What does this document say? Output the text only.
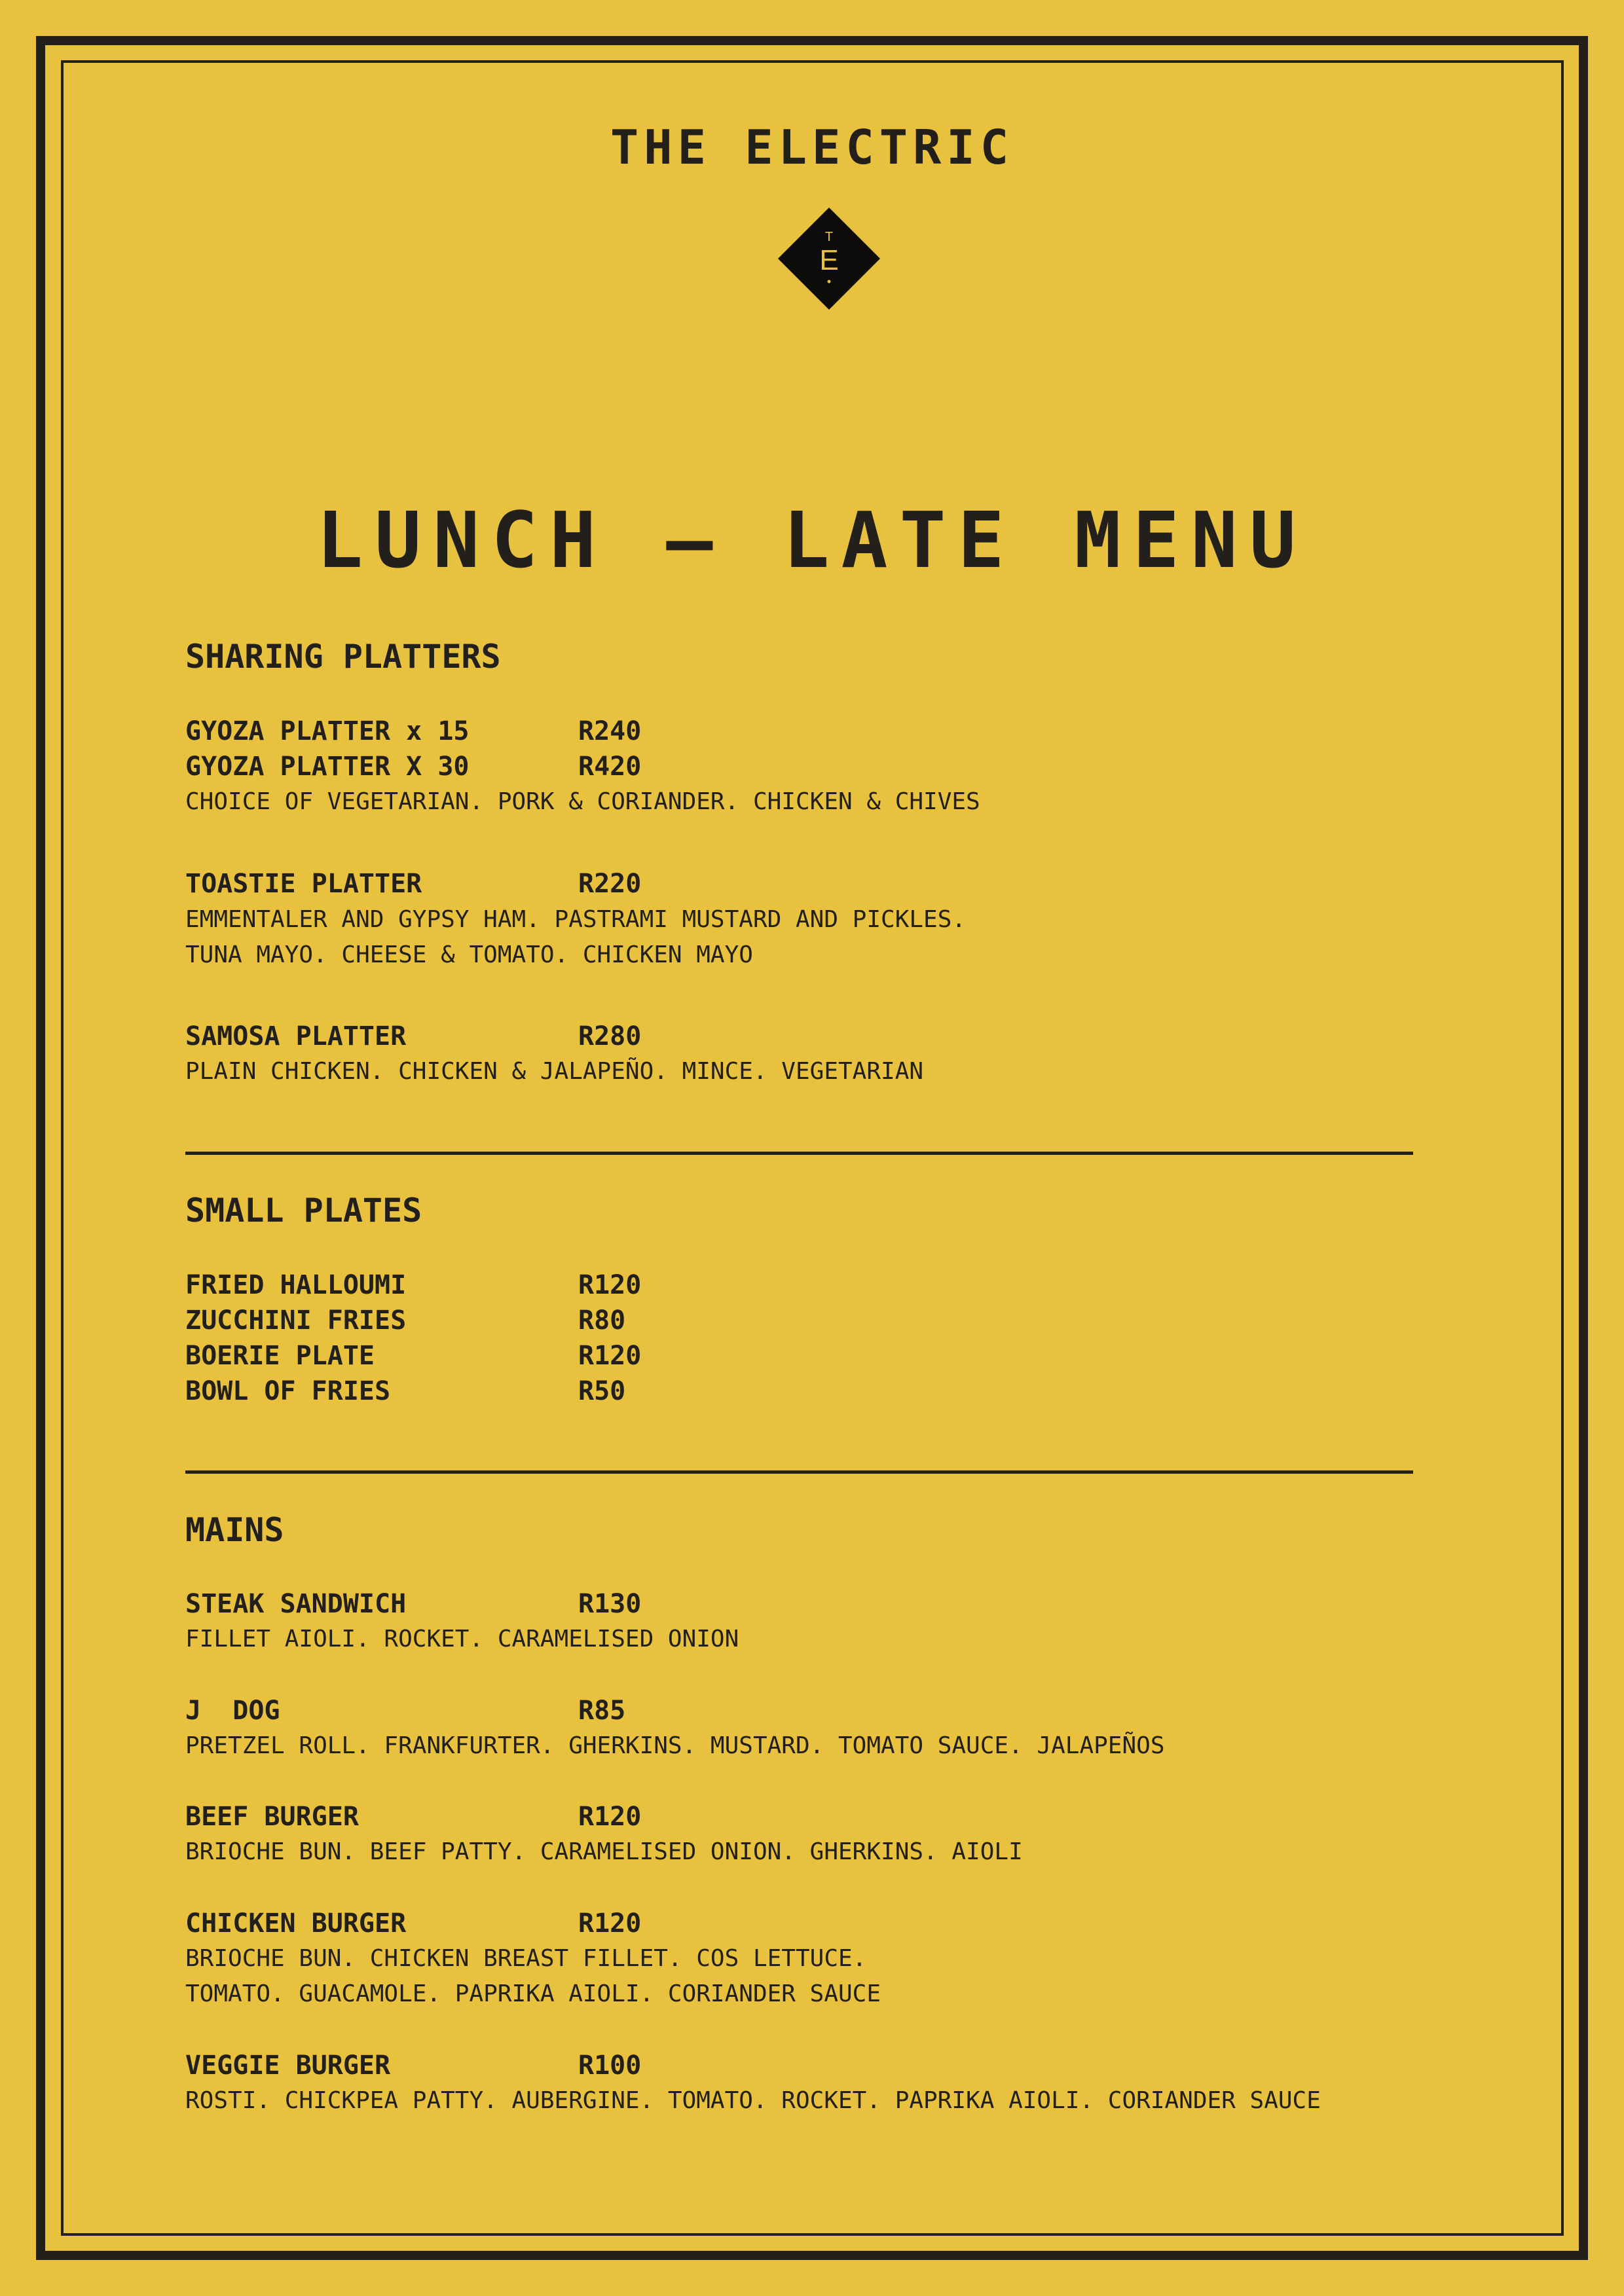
THE ELECTRIC
T
E
•
LUNCH – LATE MENU
SHARING PLATTERS
GYOZA PLATTER x 15	R240
GYOZA PLATTER X 30	R420
CHOICE OF VEGETARIAN. PORK & CORIANDER. CHICKEN & CHIVES
TOASTIE PLATTER	R220
EMMENTALER AND GYPSY HAM. PASTRAMI MUSTARD AND PICKLES.
TUNA MAYO. CHEESE & TOMATO. CHICKEN MAYO
SAMOSA PLATTER	R280
PLAIN CHICKEN. CHICKEN & JALAPEÑO. MINCE. VEGETARIAN
SMALL PLATES
FRIED HALLOUMI	R120
ZUCCHINI FRIES	R80
BOERIE PLATE	R120
BOWL OF FRIES	R50
MAINS
STEAK SANDWICH	R130
FILLET AIOLI. ROCKET. CARAMELISED ONION
J  DOG	R85
PRETZEL ROLL. FRANKFURTER. GHERKINS. MUSTARD. TOMATO SAUCE. JALAPEÑOS
BEEF BURGER	R120
BRIOCHE BUN. BEEF PATTY. CARAMELISED ONION. GHERKINS. AIOLI
CHICKEN BURGER	R120
BRIOCHE BUN. CHICKEN BREAST FILLET. COS LETTUCE.
TOMATO. GUACAMOLE. PAPRIKA AIOLI. CORIANDER SAUCE
VEGGIE BURGER	R100
ROSTI. CHICKPEA PATTY. AUBERGINE. TOMATO. ROCKET. PAPRIKA AIOLI. CORIANDER SAUCE
